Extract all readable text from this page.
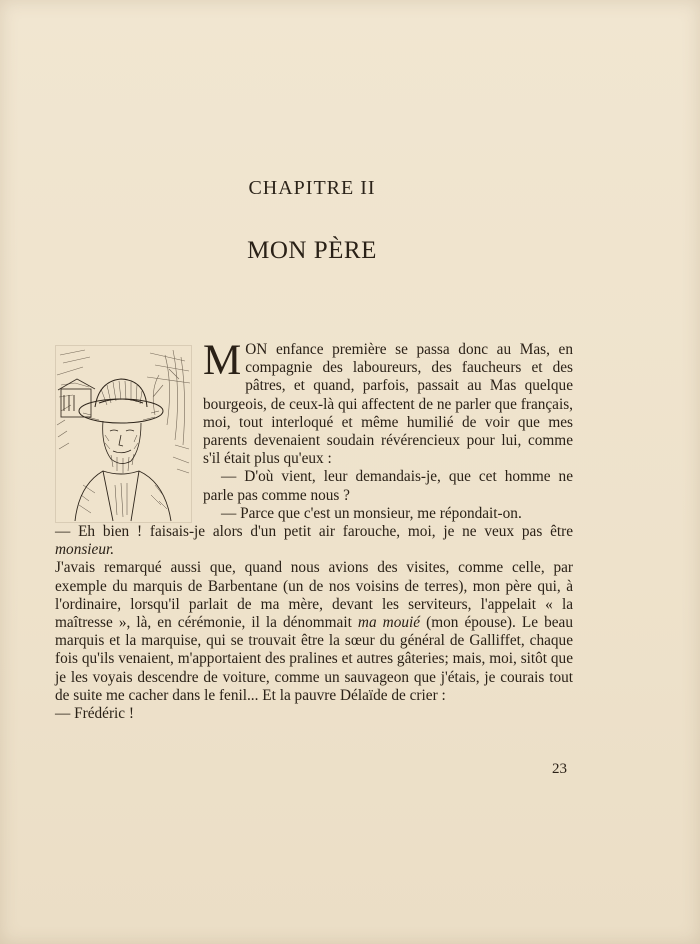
CHAPITRE II
MON PÈRE

MON enfance première se passa donc au Mas, en compagnie des laboureurs, des faucheurs et des pâtres, et quand, parfois, passait au Mas quelque bourgeois, de ceux-là qui affectent de ne parler que français, moi, tout interloqué et même humilié de voir que mes parents devenaient soudain révérencieux pour lui, comme s'il était plus qu'eux :

— D'où vient, leur demandais-je, que cet homme ne parle pas comme nous ?

— Parce que c'est un monsieur, me répondait-on.

— Eh bien ! faisais-je alors d'un petit air farouche, moi, je ne veux pas être monsieur.

J'avais remarqué aussi que, quand nous avions des visites, comme celle, par exemple du marquis de Barbentane (un de nos voisins de terres), mon père qui, à l'ordinaire, lorsqu'il parlait de ma mère, devant les serviteurs, l'appelait « la maîtresse », là, en cérémonie, il la dénommait ma mouié (mon épouse). Le beau marquis et la marquise, qui se trouvait être la sœur du général de Galliffet, chaque fois qu'ils venaient, m'apportaient des pralines et autres gâteries; mais, moi, sitôt que je les voyais descendre de voiture, comme un sauvageon que j'étais, je courais tout de suite me cacher dans le fenil... Et la pauvre Délaïde de crier :

— Frédéric !

23
